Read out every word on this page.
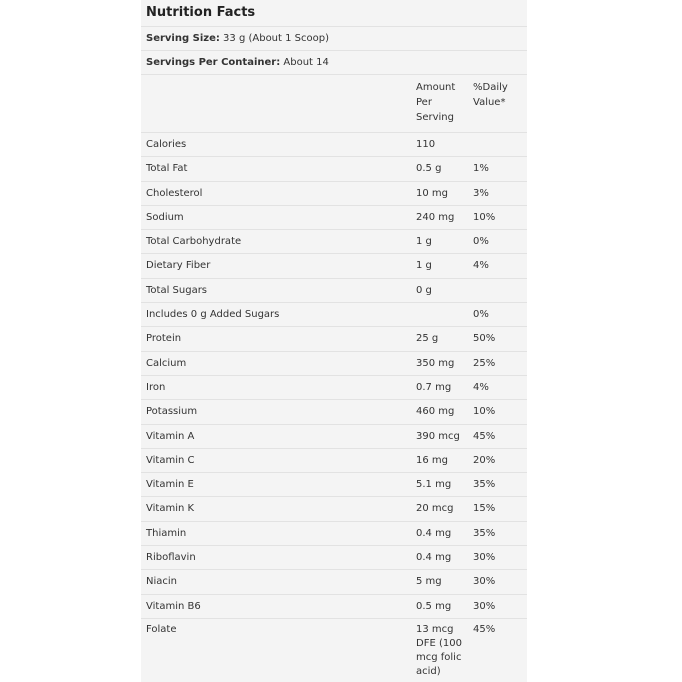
Nutrition Facts
Serving Size: 33 g (About 1 Scoop)
Servings Per Container: About 14
	Amount Per Serving	%Daily Value*
Calories	110	
Total Fat	0.5 g	1%
Cholesterol	10 mg	3%
Sodium	240 mg	10%
Total Carbohydrate	1 g	0%
Dietary Fiber	1 g	4%
Total Sugars	0 g	
Includes 0 g Added Sugars		0%
Protein	25 g	50%
Calcium	350 mg	25%
Iron	0.7 mg	4%
Potassium	460 mg	10%
Vitamin A	390 mcg	45%
Vitamin C	16 mg	20%
Vitamin E	5.1 mg	35%
Vitamin K	20 mcg	15%
Thiamin	0.4 mg	35%
Riboflavin	0.4 mg	30%
Niacin	5 mg	30%
Vitamin B6	0.5 mg	30%
Folate	13 mcg DFE (100 mcg folic acid)	45%
